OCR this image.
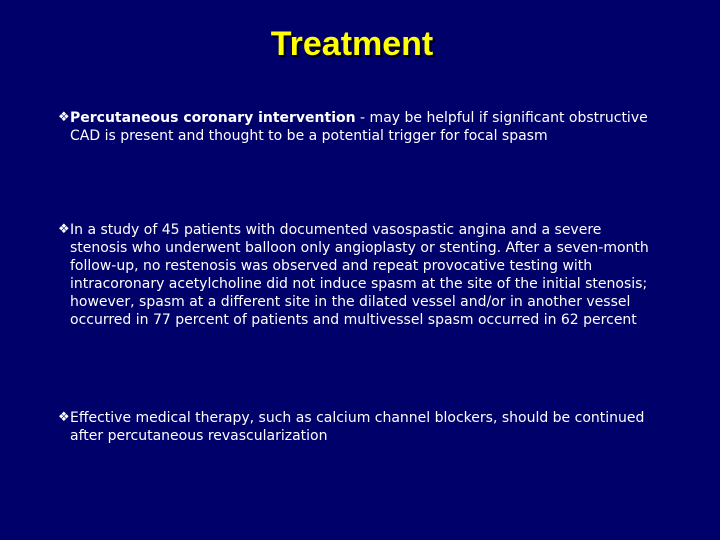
Treatment
❖ Percutaneous coronary intervention - may be helpful if significant obstructive CAD is present and thought to be a potential trigger for focal spasm
❖ In a study of 45 patients with documented vasospastic angina and a severe stenosis who underwent balloon only angioplasty or stenting. After a seven-month follow-up, no restenosis was observed and repeat provocative testing with intracoronary acetylcholine did not induce spasm at the site of the initial stenosis; however, spasm at a different site in the dilated vessel and/or in another vessel occurred in 77 percent of patients and multivessel spasm occurred in 62 percent
❖ Effective medical therapy, such as calcium channel blockers, should be continued after percutaneous revascularization
